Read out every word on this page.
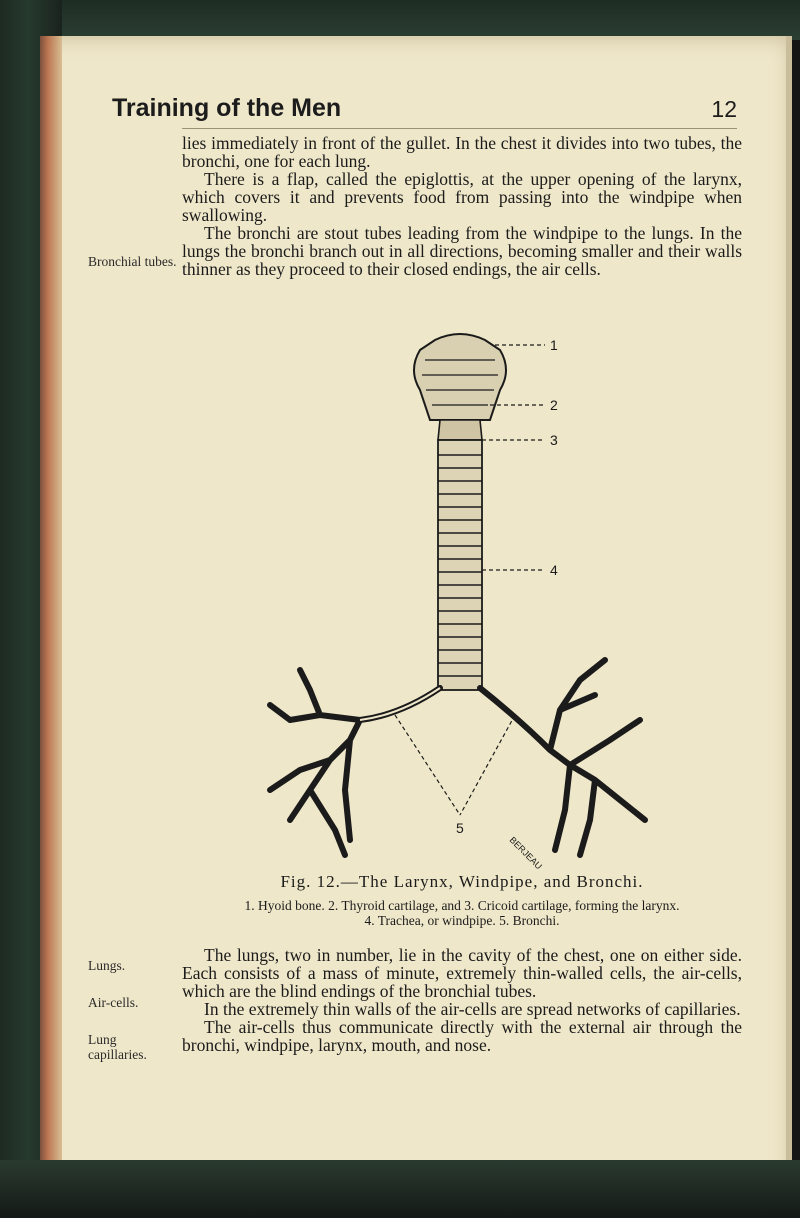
Training of the Men	12

lies immediately in front of the gullet. In the chest it divides into two tubes, the bronchi, one for each lung.

There is a flap, called the epiglottis, at the upper opening of the larynx, which covers it and prevents food from passing into the windpipe when swallowing.

The bronchi are stout tubes leading from the windpipe to the lungs. In the lungs the bronchi branch out in all directions, becoming smaller and their walls thinner as they proceed to their closed endings, the air cells.

Bronchial tubes.
1
2
3
4
5
BERJEAU
Fig. 12.—The Larynx, Windpipe, and Bronchi.
1. Hyoid bone. 2. Thyroid cartilage, and 3. Cricoid cartilage, forming the larynx.
4. Trachea, or windpipe. 5. Bronchi.
Lungs.
Air-cells.
Lung capillaries.

The lungs, two in number, lie in the cavity of the chest, one on either side. Each consists of a mass of minute, extremely thin-walled cells, the air-cells, which are the blind endings of the bronchial tubes.

In the extremely thin walls of the air-cells are spread networks of capillaries.

The air-cells thus communicate directly with the external air through the bronchi, windpipe, larynx, mouth, and nose.
